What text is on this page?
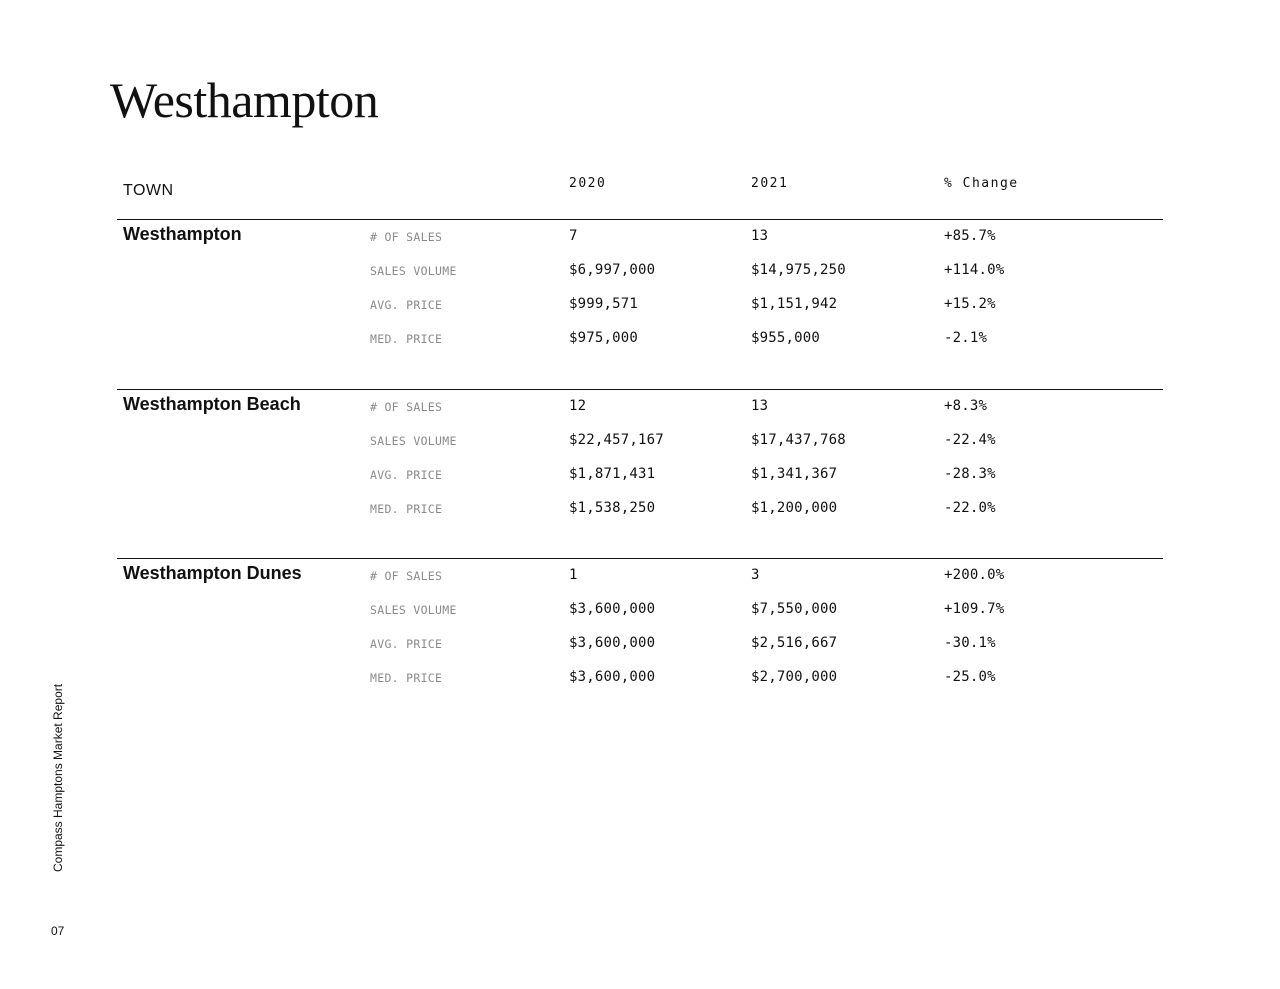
Westhampton
TOWN	2020	2021	% Change
Westhampton	# OF SALES	7	13	+85.7%
SALES VOLUME	$6,997,000	$14,975,250	+114.0%
AVG. PRICE	$999,571	$1,151,942	+15.2%
MED. PRICE	$975,000	$955,000	-2.1%
Westhampton Beach	# OF SALES	12	13	+8.3%
SALES VOLUME	$22,457,167	$17,437,768	-22.4%
AVG. PRICE	$1,871,431	$1,341,367	-28.3%
MED. PRICE	$1,538,250	$1,200,000	-22.0%
Westhampton Dunes	# OF SALES	1	3	+200.0%
SALES VOLUME	$3,600,000	$7,550,000	+109.7%
AVG. PRICE	$3,600,000	$2,516,667	-30.1%
MED. PRICE	$3,600,000	$2,700,000	-25.0%
Compass Hamptons Market Report
07
